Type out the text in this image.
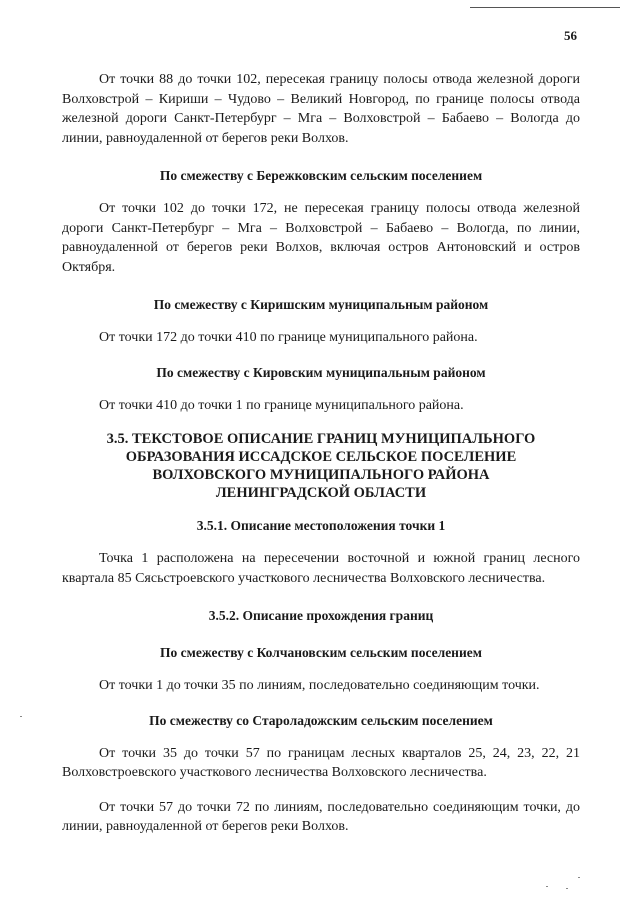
56

От точки 88 до точки 102, пересекая границу полосы отвода железной дороги Волховстрой – Кириши – Чудово – Великий Новгород, по границе полосы отвода железной дороги Санкт-Петербург – Мга – Волховстрой – Бабаево – Вологда до линии, равноудаленной от берегов реки Волхов.

По смежеству с Бережковским сельским поселением

От точки 102 до точки 172, не пересекая границу полосы отвода железной дороги Санкт-Петербург – Мга – Волховстрой – Бабаево – Вологда, по линии, равноудаленной от берегов реки Волхов, включая остров Антоновский и остров Октября.

По смежеству с Киришским муниципальным районом

От точки 172 до точки 410 по границе муниципального района.

По смежеству с Кировским муниципальным районом

От точки 410 до точки 1 по границе муниципального района.

3.5. ТЕКСТОВОЕ ОПИСАНИЕ ГРАНИЦ МУНИЦИПАЛЬНОГО

ОБРАЗОВАНИЯ ИССАДСКОЕ СЕЛЬСКОЕ ПОСЕЛЕНИЕ

ВОЛХОВСКОГО МУНИЦИПАЛЬНОГО РАЙОНА

ЛЕНИНГРАДСКОЙ ОБЛАСТИ

3.5.1. Описание местоположения точки 1

Точка 1 расположена на пересечении восточной и южной границ лесного квартала 85 Сясьстроевского участкового лесничества Волховского лесничества.

3.5.2. Описание прохождения границ

По смежеству с Колчановским сельским поселением

От точки 1 до точки 35 по линиям, последовательно соединяющим точки.

По смежеству со Староладожским сельским поселением

От точки 35 до точки 57 по границам лесных кварталов 25, 24, 23, 22, 21 Волховстроевского участкового лесничества Волховского лесничества.

От точки 57 до точки 72 по линиям, последовательно соединяющим точки, до линии, равноудаленной от берегов реки Волхов.
